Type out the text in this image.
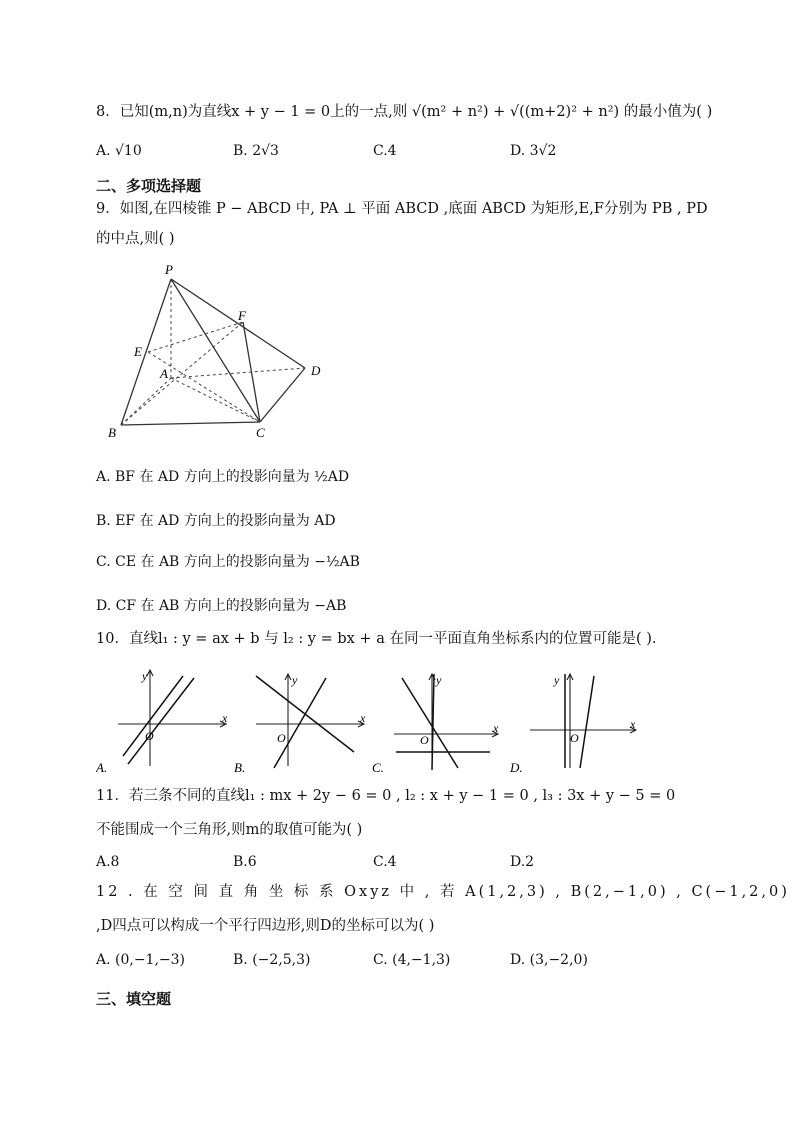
8．已知(m,n)为直线x + y − 1 = 0上的一点,则 √(m² + n²) + √((m+2)² + n²) 的最小值为( )
A. √10	B. 2√3	C.4	D. 3√2
二、多项选择题
9．如图,在四棱锥 P − ABCD 中, PA ⊥ 平面 ABCD ,底面 ABCD 为矩形,E,F分别为 PB , PD
的中点,则( )
P
F
E
A	D
B	C
A. BF 在 AD 方向上的投影向量为 ½AD
B. EF 在 AD 方向上的投影向量为 AD
C. CE 在 AB 方向上的投影向量为 −½AB
D. CF 在 AB 方向上的投影向量为 −AB
10．直线l₁ : y = ax + b 与 l₂ : y = bx + a 在同一平面直角坐标系内的位置可能是( ).
x
y
O
A.
x
y
O
B.
x
y
O
C.
x
y
O
D.
11．若三条不同的直线l₁ : mx + 2y − 6 = 0 , l₂ : x + y − 1 = 0 , l₃ : 3x + y − 5 = 0
不能围成一个三角形,则m的取值可能为( )
A.8	B.6	C.4	D.2
12 . 在 空 间 直 角 坐 标 系 Oxyz 中 , 若 A(1,2,3) , B(2,−1,0) , C(−1,2,0)
,D四点可以构成一个平行四边形,则D的坐标可以为( )
A. (0,−1,−3)	B. (−2,5,3)	C. (4,−1,3)	D. (3,−2,0)
三、填空题
